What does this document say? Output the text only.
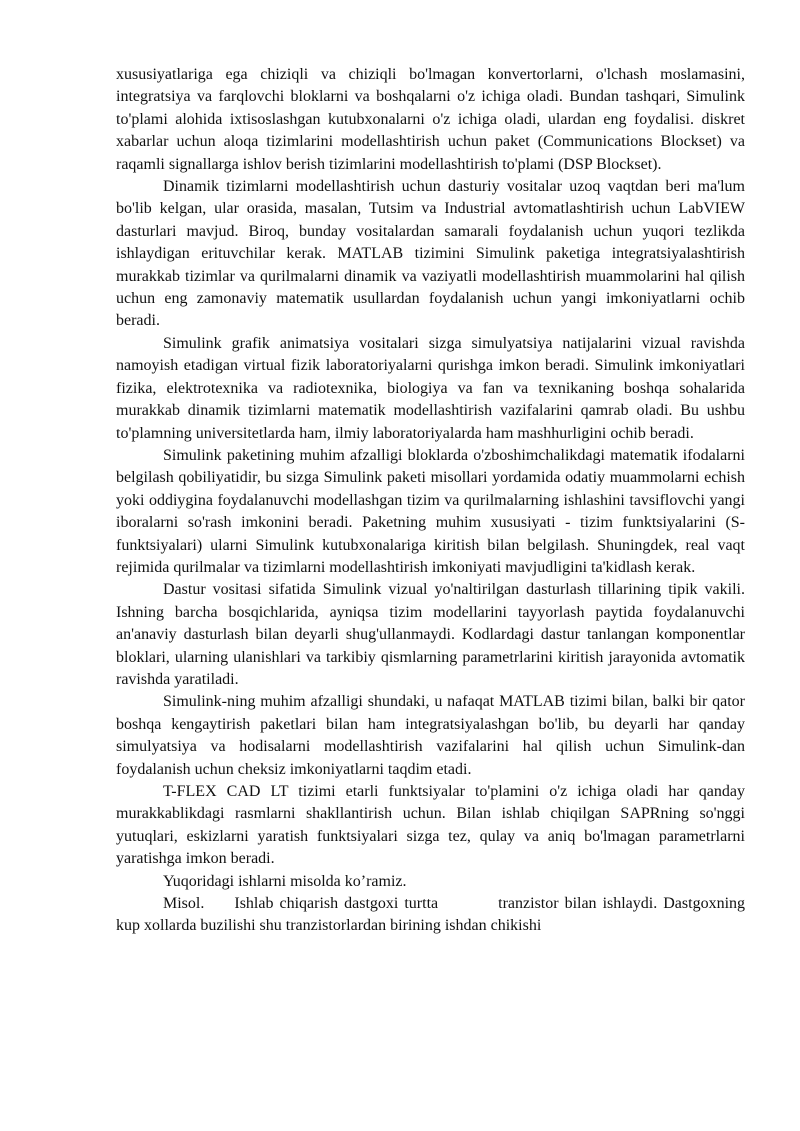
xususiyatlariga ega chiziqli va chiziqli bo'lmagan konvertorlarni, o'lchash moslamasini, integratsiya va farqlovchi bloklarni va boshqalarni o'z ichiga oladi. Bundan tashqari, Simulink to'plami alohida ixtisoslashgan kutubxonalarni o'z ichiga oladi, ulardan eng foydalisi. diskret xabarlar uchun aloqa tizimlarini modellashtirish uchun paket (Communications Blockset) va raqamli signallarga ishlov berish tizimlarini modellashtirish to'plami (DSP Blockset).

Dinamik tizimlarni modellashtirish uchun dasturiy vositalar uzoq vaqtdan beri ma'lum bo'lib kelgan, ular orasida, masalan, Tutsim va Industrial avtomatlashtirish uchun LabVIEW dasturlari mavjud. Biroq, bunday vositalardan samarali foydalanish uchun yuqori tezlikda ishlaydigan erituvchilar kerak. MATLAB tizimini Simulink paketiga integratsiyalashtirish murakkab tizimlar va qurilmalarni dinamik va vaziyatli modellashtirish muammolarini hal qilish uchun eng zamonaviy matematik usullardan foydalanish uchun yangi imkoniyatlarni ochib beradi.

Simulink grafik animatsiya vositalari sizga simulyatsiya natijalarini vizual ravishda namoyish etadigan virtual fizik laboratoriyalarni qurishga imkon beradi. Simulink imkoniyatlari fizika, elektrotexnika va radiotexnika, biologiya va fan va texnikaning boshqa sohalarida murakkab dinamik tizimlarni matematik modellashtirish vazifalarini qamrab oladi. Bu ushbu to'plamning universitetlarda ham, ilmiy laboratoriyalarda ham mashhurligini ochib beradi.

Simulink paketining muhim afzalligi bloklarda o'zboshimchalikdagi matematik ifodalarni belgilash qobiliyatidir, bu sizga Simulink paketi misollari yordamida odatiy muammolarni echish yoki oddiygina foydalanuvchi modellashgan tizim va qurilmalarning ishlashini tavsiflovchi yangi iboralarni so'rash imkonini beradi. Paketning muhim xususiyati - tizim funktsiyalarini (S-funktsiyalari) ularni Simulink kutubxonalariga kiritish bilan belgilash. Shuningdek, real vaqt rejimida qurilmalar va tizimlarni modellashtirish imkoniyati mavjudligini ta'kidlash kerak.

Dastur vositasi sifatida Simulink vizual yo'naltirilgan dasturlash tillarining tipik vakili. Ishning barcha bosqichlarida, ayniqsa tizim modellarini tayyorlash paytida foydalanuvchi an'anaviy dasturlash bilan deyarli shug'ullanmaydi. Kodlardagi dastur tanlangan komponentlar bloklari, ularning ulanishlari va tarkibiy qismlarning parametrlarini kiritish jarayonida avtomatik ravishda yaratiladi.

Simulink-ning muhim afzalligi shundaki, u nafaqat MATLAB tizimi bilan, balki bir qator boshqa kengaytirish paketlari bilan ham integratsiyalashgan bo'lib, bu deyarli har qanday simulyatsiya va hodisalarni modellashtirish vazifalarini hal qilish uchun Simulink-dan foydalanish uchun cheksiz imkoniyatlarni taqdim etadi.

T-FLEX CAD LT tizimi etarli funktsiyalar to'plamini o'z ichiga oladi har qanday murakkablikdagi rasmlarni shakllantirish uchun. Bilan ishlab chiqilgan SAPRning so'nggi yutuqlari, eskizlarni yaratish funktsiyalari sizga tez, qulay va aniq bo'lmagan parametrlarni yaratishga imkon beradi.

Yuqoridagi ishlarni misolda ko’ramiz.

Misol. Ishlab chiqarish dastgoxi turtta	tranzistor bilan ishlaydi. Dastgoxning kup xollarda buzilishi shu tranzistorlardan birining ishdan chikishi
